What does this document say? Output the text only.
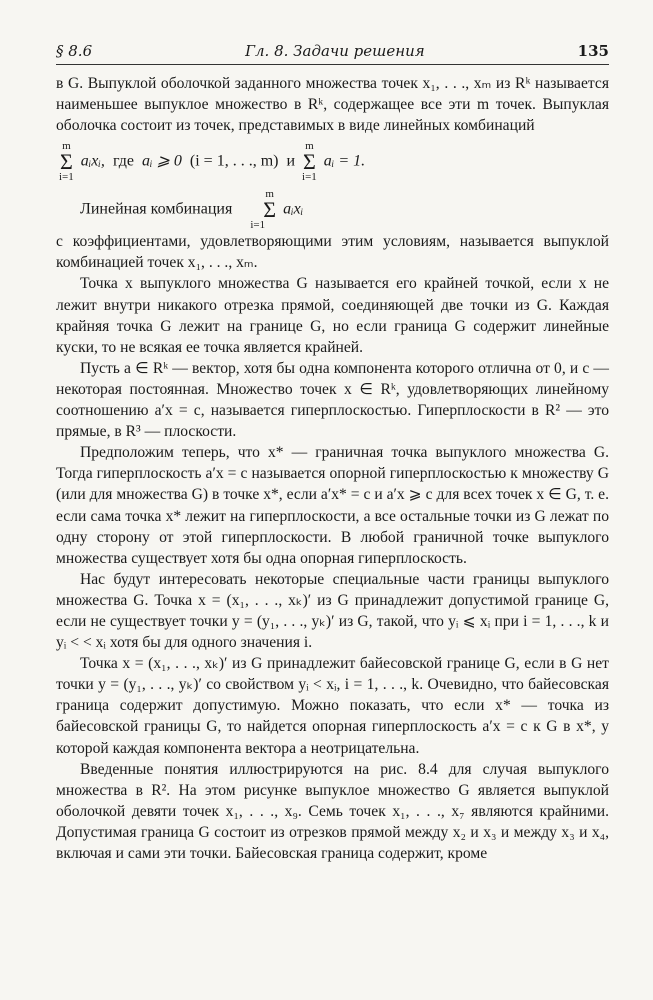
§ 8.6	Гл. 8. Задачи решения	135

в G. Выпуклой оболочкой заданного множества точек x₁, . . ., xₘ из Rᵏ называется наименьшее выпуклое множество в Rᵏ, содержащее все эти m точек. Выпуклая оболочка состоит из точек, представимых в виде линейных комбинаций

m
Σ
i=1 aᵢxᵢ, где aᵢ ⩾ 0 (i = 1, . . ., m) и m
Σ
i=1 aᵢ = 1.

Линейная комбинация m
Σ
i=1 aᵢxᵢ

с коэффициентами, удовлетворяющими этим условиям, называется выпуклой комбинацией точек x₁, . . ., xₘ.

Точка x выпуклого множества G называется его крайней точкой, если x не лежит внутри никакого отрезка прямой, соединяющей две точки из G. Каждая крайняя точка G лежит на границе G, но если граница G содержит линейные куски, то не всякая ее точка является крайней.

Пусть a ∈ Rᵏ — вектор, хотя бы одна компонента которого отлична от 0, и c — некоторая постоянная. Множество точек x ∈ Rᵏ, удовлетворяющих линейному соотношению a′x = c, называется гиперплоскостью. Гиперплоскости в R² — это прямые, в R³ — плоскости.

Предположим теперь, что x* — граничная точка выпуклого множества G. Тогда гиперплоскость a′x = c называется опорной гиперплоскостью к множеству G (или для множества G) в точке x*, если a′x* = c и a′x ⩾ c для всех точек x ∈ G, т. е. если сама точка x* лежит на гиперплоскости, а все остальные точки из G лежат по одну сторону от этой гиперплоскости. В любой граничной точке выпуклого множества существует хотя бы одна опорная гиперплоскость.

Нас будут интересовать некоторые специальные части границы выпуклого множества G. Точка x = (x₁, . . ., xₖ)′ из G принадлежит допустимой границе G, если не существует точки y = (y₁, . . ., yₖ)′ из G, такой, что yᵢ ⩽ xᵢ при i = 1, . . ., k и yᵢ < < xᵢ хотя бы для одного значения i.

Точка x = (x₁, . . ., xₖ)′ из G принадлежит байесовской границе G, если в G нет точки y = (y₁, . . ., yₖ)′ со свойством yᵢ < xᵢ, i = 1, . . ., k. Очевидно, что байесовская граница содержит допустимую. Можно показать, что если x* — точка из байесовской границы G, то найдется опорная гиперплоскость a′x = c к G в x*, у которой каждая компонента вектора a неотрицательна.

Введенные понятия иллюстрируются на рис. 8.4 для случая выпуклого множества в R². На этом рисунке выпуклое множество G является выпуклой оболочкой девяти точек x₁, . . ., x₉. Семь точек x₁, . . ., x₇ являются крайними. Допустимая граница G состоит из отрезков прямой между x₂ и x₃ и между x₃ и x₄, включая и сами эти точки. Байесовская граница содержит, кроме
